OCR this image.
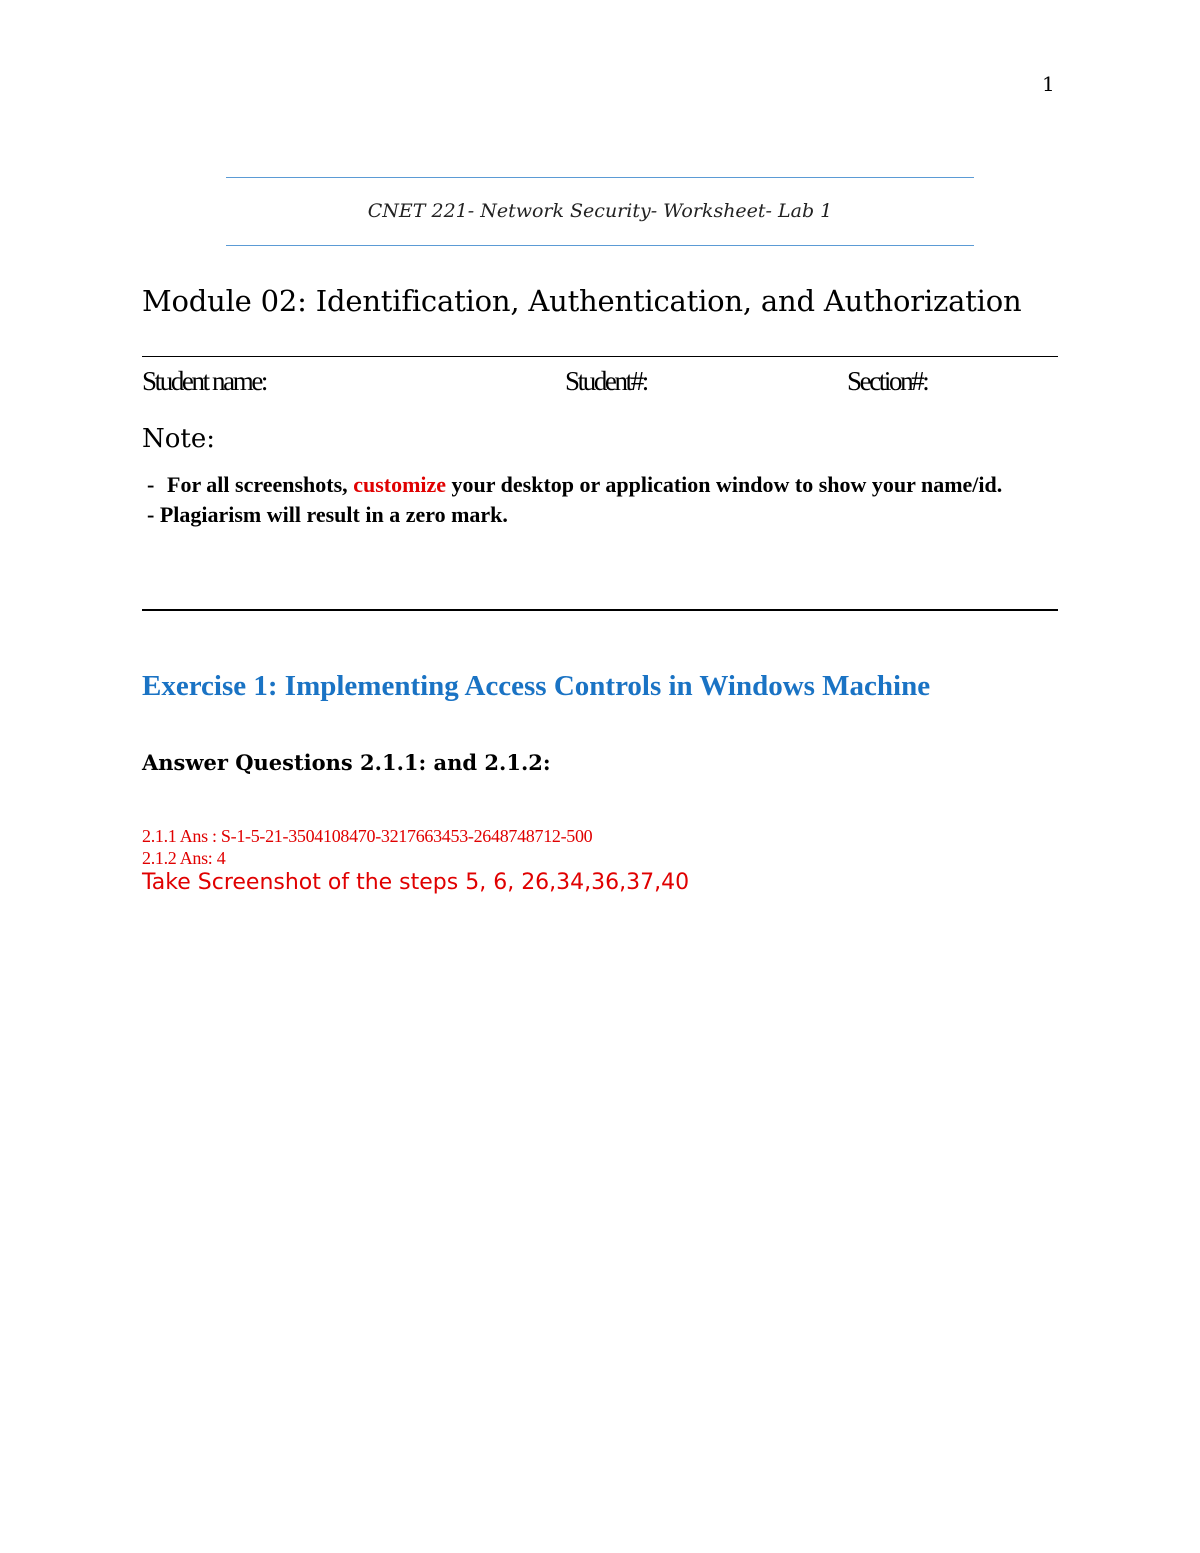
1
CNET 221- Network Security- Worksheet- Lab 1
Module 02: Identification, Authentication, and Authorization
Student name:	Student#:	Section#:
Note:
- For all screenshots, customize your desktop or application window to show your name/id.
- Plagiarism will result in a zero mark.
Exercise 1: Implementing Access Controls in Windows Machine
Answer Questions 2.1.1: and 2.1.2:
2.1.1 Ans : S-1-5-21-3504108470-3217663453-2648748712-500
2.1.2 Ans: 4
Take Screenshot of the steps 5, 6, 26,34,36,37,40
